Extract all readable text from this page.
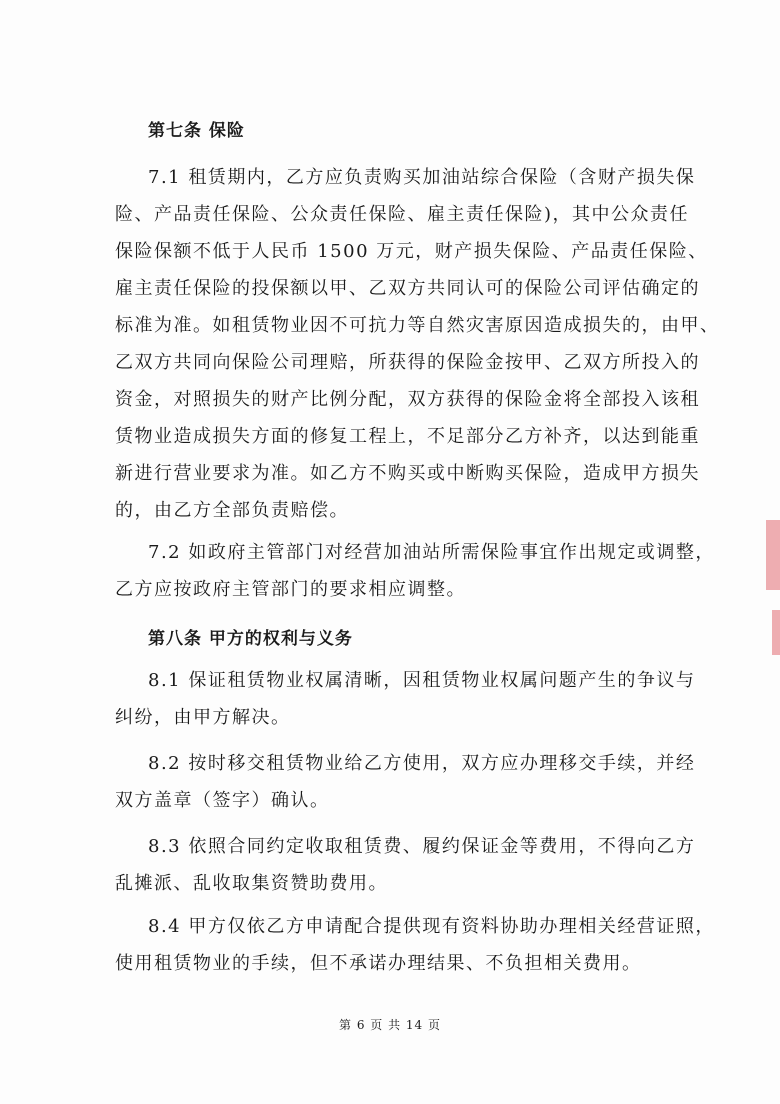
第七条 保险
7.1 租赁期内，乙方应负责购买加油站综合保险（含财产损失保
险、产品责任保险、公众责任保险、雇主责任保险)，其中公众责任
保险保额不低于人民币 1500 万元，财产损失保险、产品责任保险、
雇主责任保险的投保额以甲、乙双方共同认可的保险公司评估确定的
标准为准。如租赁物业因不可抗力等自然灾害原因造成损失的，由甲、
乙双方共同向保险公司理赔，所获得的保险金按甲、乙双方所投入的
资金，对照损失的财产比例分配，双方获得的保险金将全部投入该租
赁物业造成损失方面的修复工程上，不足部分乙方补齐，以达到能重
新进行营业要求为准。如乙方不购买或中断购买保险，造成甲方损失
的，由乙方全部负责赔偿。
7.2 如政府主管部门对经营加油站所需保险事宜作出规定或调整，
乙方应按政府主管部门的要求相应调整。
第八条 甲方的权利与义务
8.1 保证租赁物业权属清晰，因租赁物业权属问题产生的争议与
纠纷，由甲方解决。
8.2 按时移交租赁物业给乙方使用，双方应办理移交手续，并经
双方盖章（签字）确认。
8.3 依照合同约定收取租赁费、履约保证金等费用，不得向乙方
乱摊派、乱收取集资赞助费用。
8.4 甲方仅依乙方申请配合提供现有资料协助办理相关经营证照，
使用租赁物业的手续，但不承诺办理结果、不负担相关费用。
第 6 页 共 14 页
